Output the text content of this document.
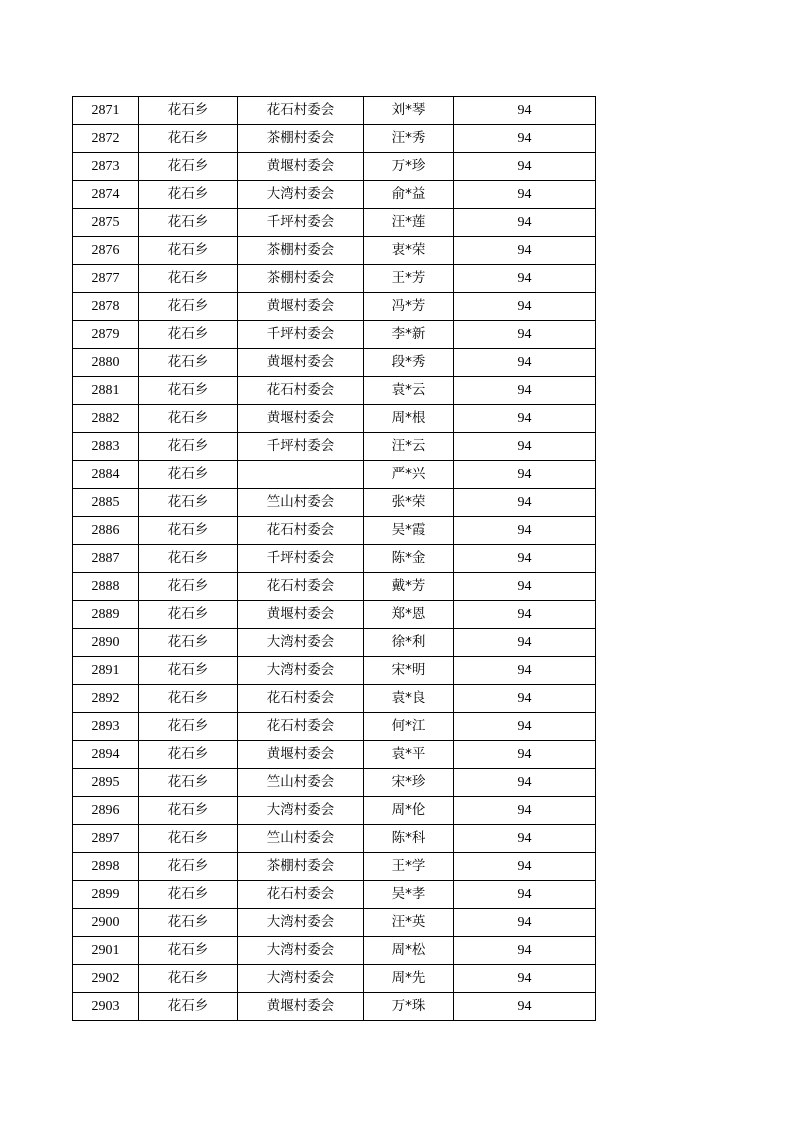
2871	花石乡	花石村委会	刘*琴	94
2872	花石乡	茶棚村委会	汪*秀	94
2873	花石乡	黄堰村委会	万*珍	94
2874	花石乡	大湾村委会	俞*益	94
2875	花石乡	千坪村委会	汪*莲	94
2876	花石乡	茶棚村委会	衷*荣	94
2877	花石乡	茶棚村委会	王*芳	94
2878	花石乡	黄堰村委会	冯*芳	94
2879	花石乡	千坪村委会	李*新	94
2880	花石乡	黄堰村委会	段*秀	94
2881	花石乡	花石村委会	袁*云	94
2882	花石乡	黄堰村委会	周*根	94
2883	花石乡	千坪村委会	汪*云	94
2884	花石乡		严*兴	94
2885	花石乡	竺山村委会	张*荣	94
2886	花石乡	花石村委会	吴*霞	94
2887	花石乡	千坪村委会	陈*金	94
2888	花石乡	花石村委会	戴*芳	94
2889	花石乡	黄堰村委会	郑*恩	94
2890	花石乡	大湾村委会	徐*利	94
2891	花石乡	大湾村委会	宋*明	94
2892	花石乡	花石村委会	袁*良	94
2893	花石乡	花石村委会	何*江	94
2894	花石乡	黄堰村委会	袁*平	94
2895	花石乡	竺山村委会	宋*珍	94
2896	花石乡	大湾村委会	周*伦	94
2897	花石乡	竺山村委会	陈*科	94
2898	花石乡	茶棚村委会	王*学	94
2899	花石乡	花石村委会	吴*孝	94
2900	花石乡	大湾村委会	汪*英	94
2901	花石乡	大湾村委会	周*松	94
2902	花石乡	大湾村委会	周*先	94
2903	花石乡	黄堰村委会	万*珠	94
